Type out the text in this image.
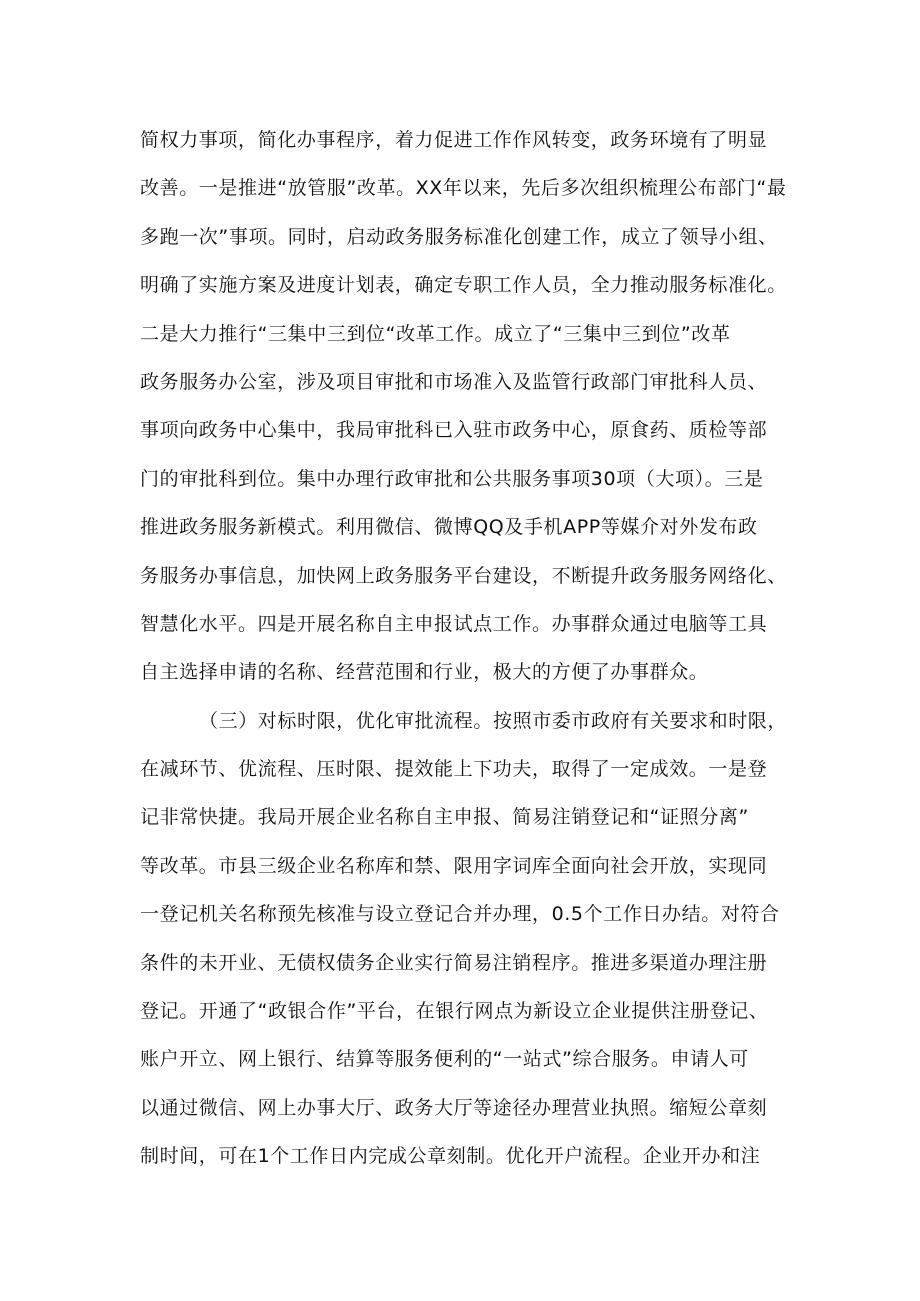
简权力事项，简化办事程序，着力促进工作作风转变，政务环境有了明显
改善。一是推进“放管服”改革。XX年以来，先后多次组织梳理公布部门“最
多跑一次”事项。同时，启动政务服务标准化创建工作，成立了领导小组、
明确了实施方案及进度计划表，确定专职工作人员，全力推动服务标准化。
二是大力推行“三集中三到位“改革工作。成立了“三集中三到位”改革
政务服务办公室，涉及项目审批和市场准入及监管行政部门审批科人员、
事项向政务中心集中，我局审批科已入驻市政务中心，原食药、质检等部
门的审批科到位。集中办理行政审批和公共服务事项30项（大项）。三是
推进政务服务新模式。利用微信、微博QQ及手机APP等媒介对外发布政
务服务办事信息，加快网上政务服务平台建设，不断提升政务服务网络化、
智慧化水平。四是开展名称自主申报试点工作。办事群众通过电脑等工具
自主选择申请的名称、经营范围和行业，极大的方便了办事群众。
（三）对标时限，优化审批流程。按照市委市政府有关要求和时限，
在减环节、优流程、压时限、提效能上下功夫，取得了一定成效。一是登
记非常快捷。我局开展企业名称自主申报、简易注销登记和“证照分离”
等改革。市县三级企业名称库和禁、限用字词库全面向社会开放，实现同
一登记机关名称预先核准与设立登记合并办理，0.5个工作日办结。对符合
条件的未开业、无债权债务企业实行简易注销程序。推进多渠道办理注册
登记。开通了“政银合作”平台，在银行网点为新设立企业提供注册登记、
账户开立、网上银行、结算等服务便利的“一站式”综合服务。申请人可
以通过微信、网上办事大厅、政务大厅等途径办理营业执照。缩短公章刻
制时间，可在1个工作日内完成公章刻制。优化开户流程。企业开办和注
